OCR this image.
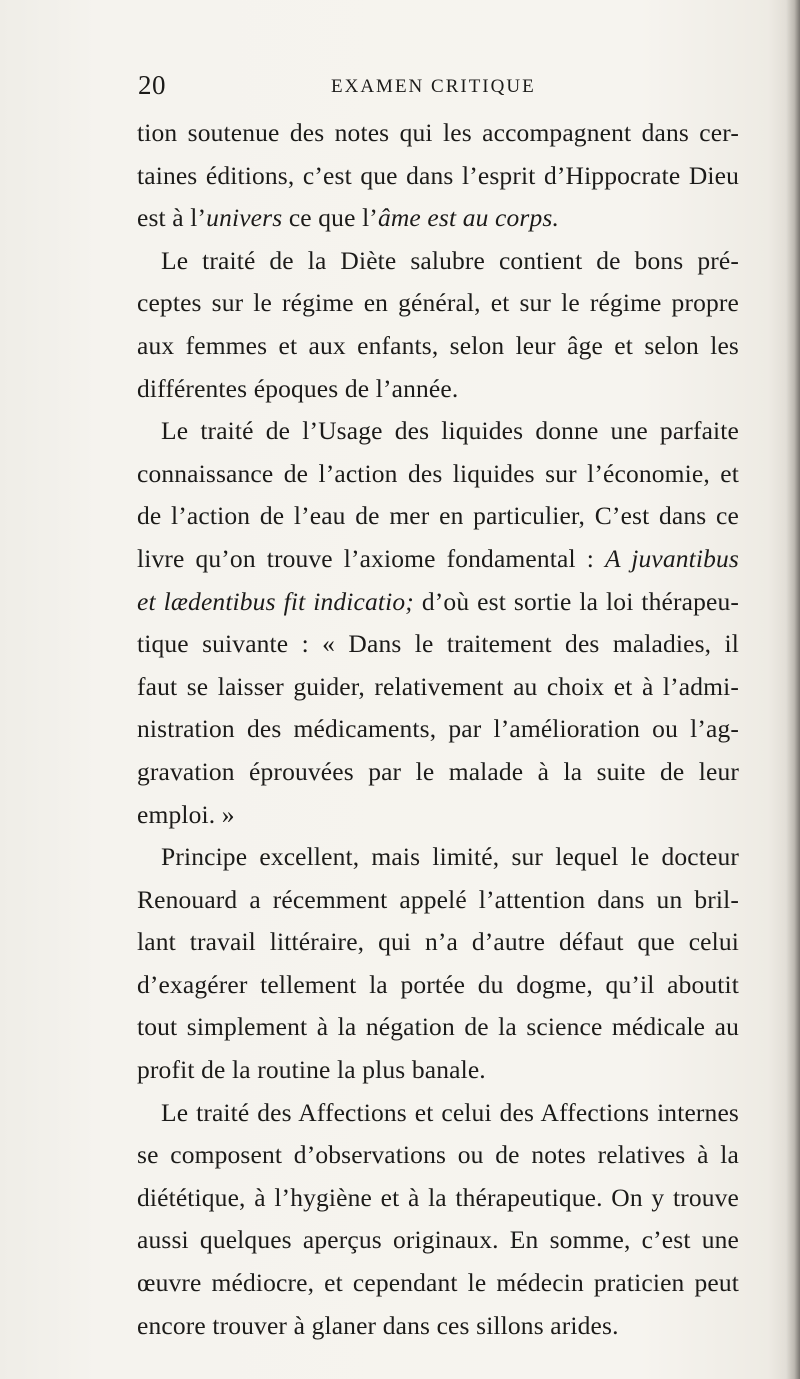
20	EXAMEN CRITIQUE
tion soutenue des notes qui les accompagnent dans cer-
taines éditions, c’est que dans l’esprit d’Hippocrate Dieu
est à l’univers ce que l’âme est au corps.
Le traité de la Diète salubre contient de bons pré-
ceptes sur le régime en général, et sur le régime propre
aux femmes et aux enfants, selon leur âge et selon les
différentes époques de l’année.
Le traité de l’Usage des liquides donne une parfaite
connaissance de l’action des liquides sur l’économie, et
de l’action de l’eau de mer en particulier, C’est dans ce
livre qu’on trouve l’axiome fondamental : A juvantibus
et lædentibus fit indicatio; d’où est sortie la loi thérapeu-
tique suivante : « Dans le traitement des maladies, il
faut se laisser guider, relativement au choix et à l’admi-
nistration des médicaments, par l’amélioration ou l’ag-
gravation éprouvées par le malade à la suite de leur
emploi. »
Principe excellent, mais limité, sur lequel le docteur
Renouard a récemment appelé l’attention dans un bril-
lant travail littéraire, qui n’a d’autre défaut que celui
d’exagérer tellement la portée du dogme, qu’il aboutit
tout simplement à la négation de la science médicale au
profit de la routine la plus banale.
Le traité des Affections et celui des Affections internes
se composent d’observations ou de notes relatives à la
diététique, à l’hygiène et à la thérapeutique. On y trouve
aussi quelques aperçus originaux. En somme, c’est une
œuvre médiocre, et cependant le médecin praticien peut
encore trouver à glaner dans ces sillons arides.
